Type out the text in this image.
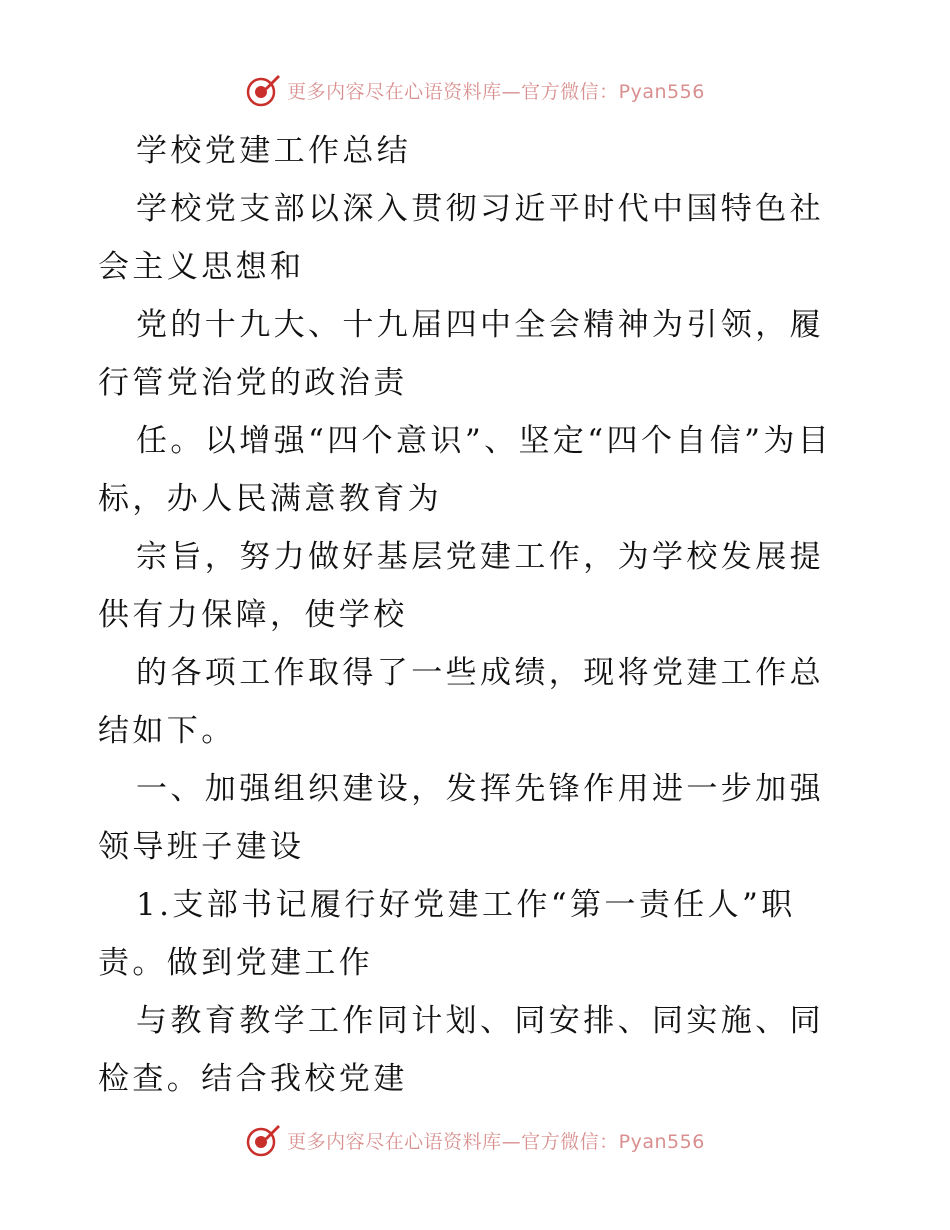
更多内容尽在心语资料库—官方微信：Pyan556

学校党建工作总结

学校党支部以深入贯彻习近平时代中国特色社会主义思想和

党的十九大、十九届四中全会精神为引领，履行管党治党的政治责

任。以增强“四个意识”、坚定“四个自信”为目标，办人民满意教育为

宗旨，努力做好基层党建工作，为学校发展提供有力保障，使学校

的各项工作取得了一些成绩，现将党建工作总结如下。

一、加强组织建设，发挥先锋作用进一步加强领导班子建设

1.支部书记履行好党建工作“第一责任人”职责。做到党建工作

与教育教学工作同计划、同安排、同实施、同检查。结合我校党建

更多内容尽在心语资料库—官方微信：Pyan556
